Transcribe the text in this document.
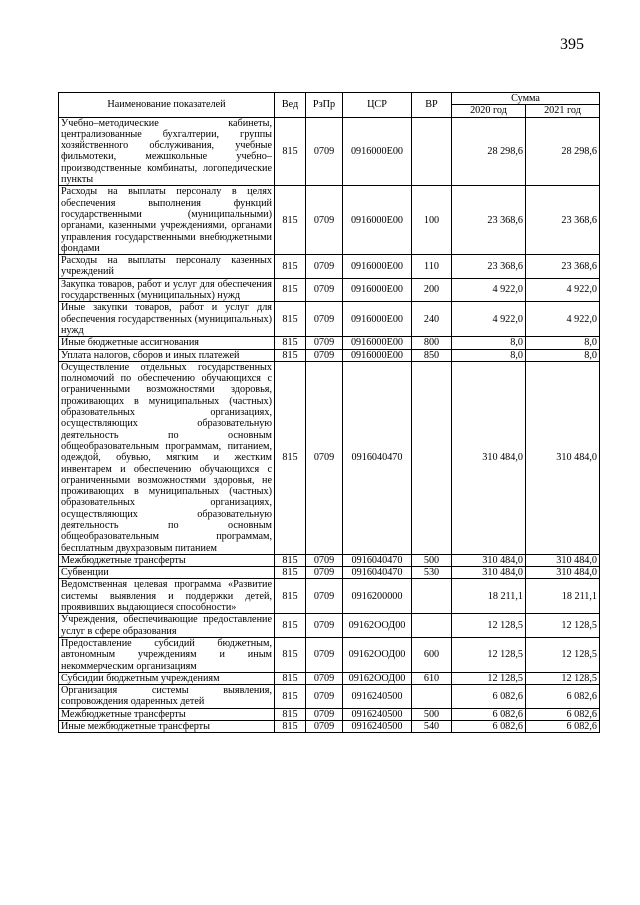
395
Наименование показателей	Вед	РзПр	ЦСР	ВР	Сумма	
					2020 год	2021 год
Учебно–методические кабинеты, централизованные бухгалтерии, группы хозяйственного обслуживания, учебные фильмотеки, межшкольные учебно–производственные комбинаты, логопедические пункты	815	0709	0916000Е00		28 298,6	28 298,6
Расходы на выплаты персоналу в целях обеспечения выполнения функций государственными (муниципальными) органами, казенными учреждениями, органами управления государственными внебюджетными фондами	815	0709	0916000Е00	100	23 368,6	23 368,6
Расходы на выплаты персоналу казенных учреждений	815	0709	0916000Е00	110	23 368,6	23 368,6
Закупка товаров, работ и услуг для обеспечения государственных (муниципальных) нужд	815	0709	0916000Е00	200	4 922,0	4 922,0
Иные закупки товаров, работ и услуг для обеспечения государственных (муниципальных) нужд	815	0709	0916000Е00	240	4 922,0	4 922,0
Иные бюджетные ассигнования	815	0709	0916000Е00	800	8,0	8,0
Уплата налогов, сборов и иных платежей	815	0709	0916000Е00	850	8,0	8,0
Осуществление отдельных государственных полномочий по обеспечению обучающихся с ограниченными возможностями здоровья, проживающих в муниципальных (частных) образовательных организациях, осуществляющих образовательную деятельность по основным общеобразовательным программам, питанием, одеждой, обувью, мягким и жестким инвентарем и обеспечению обучающихся с ограниченными возможностями здоровья, не проживающих в муниципальных (частных) образовательных организациях, осуществляющих образовательную деятельность по основным общеобразовательным программам, бесплатным двухразовым питанием	815	0709	0916040470		310 484,0	310 484,0
Межбюджетные трансферты	815	0709	0916040470	500	310 484,0	310 484,0
Субвенции	815	0709	0916040470	530	310 484,0	310 484,0
Ведомственная целевая программа «Развитие системы выявления и поддержки детей, проявивших выдающиеся способности»	815	0709	0916200000		18 211,1	18 211,1
Учреждения, обеспечивающие предоставление услуг в сфере образования	815	0709	09162ООД00		12 128,5	12 128,5
Предоставление субсидий бюджетным, автономным учреждениям и иным некоммерческим организациям	815	0709	09162ООД00	600	12 128,5	12 128,5
Субсидии бюджетным учреждениям	815	0709	09162ООД00	610	12 128,5	12 128,5
Организация системы выявления, сопровождения одаренных детей	815	0709	0916240500		6 082,6	6 082,6
Межбюджетные трансферты	815	0709	0916240500	500	6 082,6	6 082,6
Иные межбюджетные трансферты	815	0709	0916240500	540	6 082,6	6 082,6
